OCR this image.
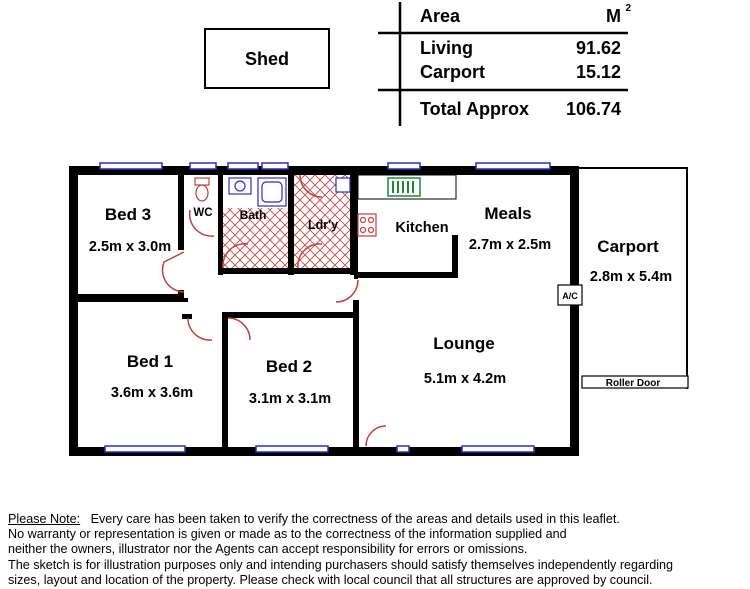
Area	M 2
Living	91.62
Carport	15.12
Total Approx 106.74
Shed
A/C
Roller Door
Bed 3
2.5m x 3.0m
WC Bath
Ldr'y	Kitchen
Meals
2.7m x 2.5m	Carport
2.8m x 5.4m
Bed 1
3.6m x 3.6m
Bed 2
3.1m x 3.1m
Lounge
5.1m x 4.2m
Please Note: Every care has been taken to verify the correctness of the areas and details used in this leaflet.
No warranty or representation is given or made as to the correctness of the information supplied and
neither the owners, illustrator nor the Agents can accept responsibility for errors or omissions.
The sketch is for illustration purposes only and intending purchasers should satisfy themselves independently regarding
sizes, layout and location of the property. Please check with local council that all structures are approved by council.
